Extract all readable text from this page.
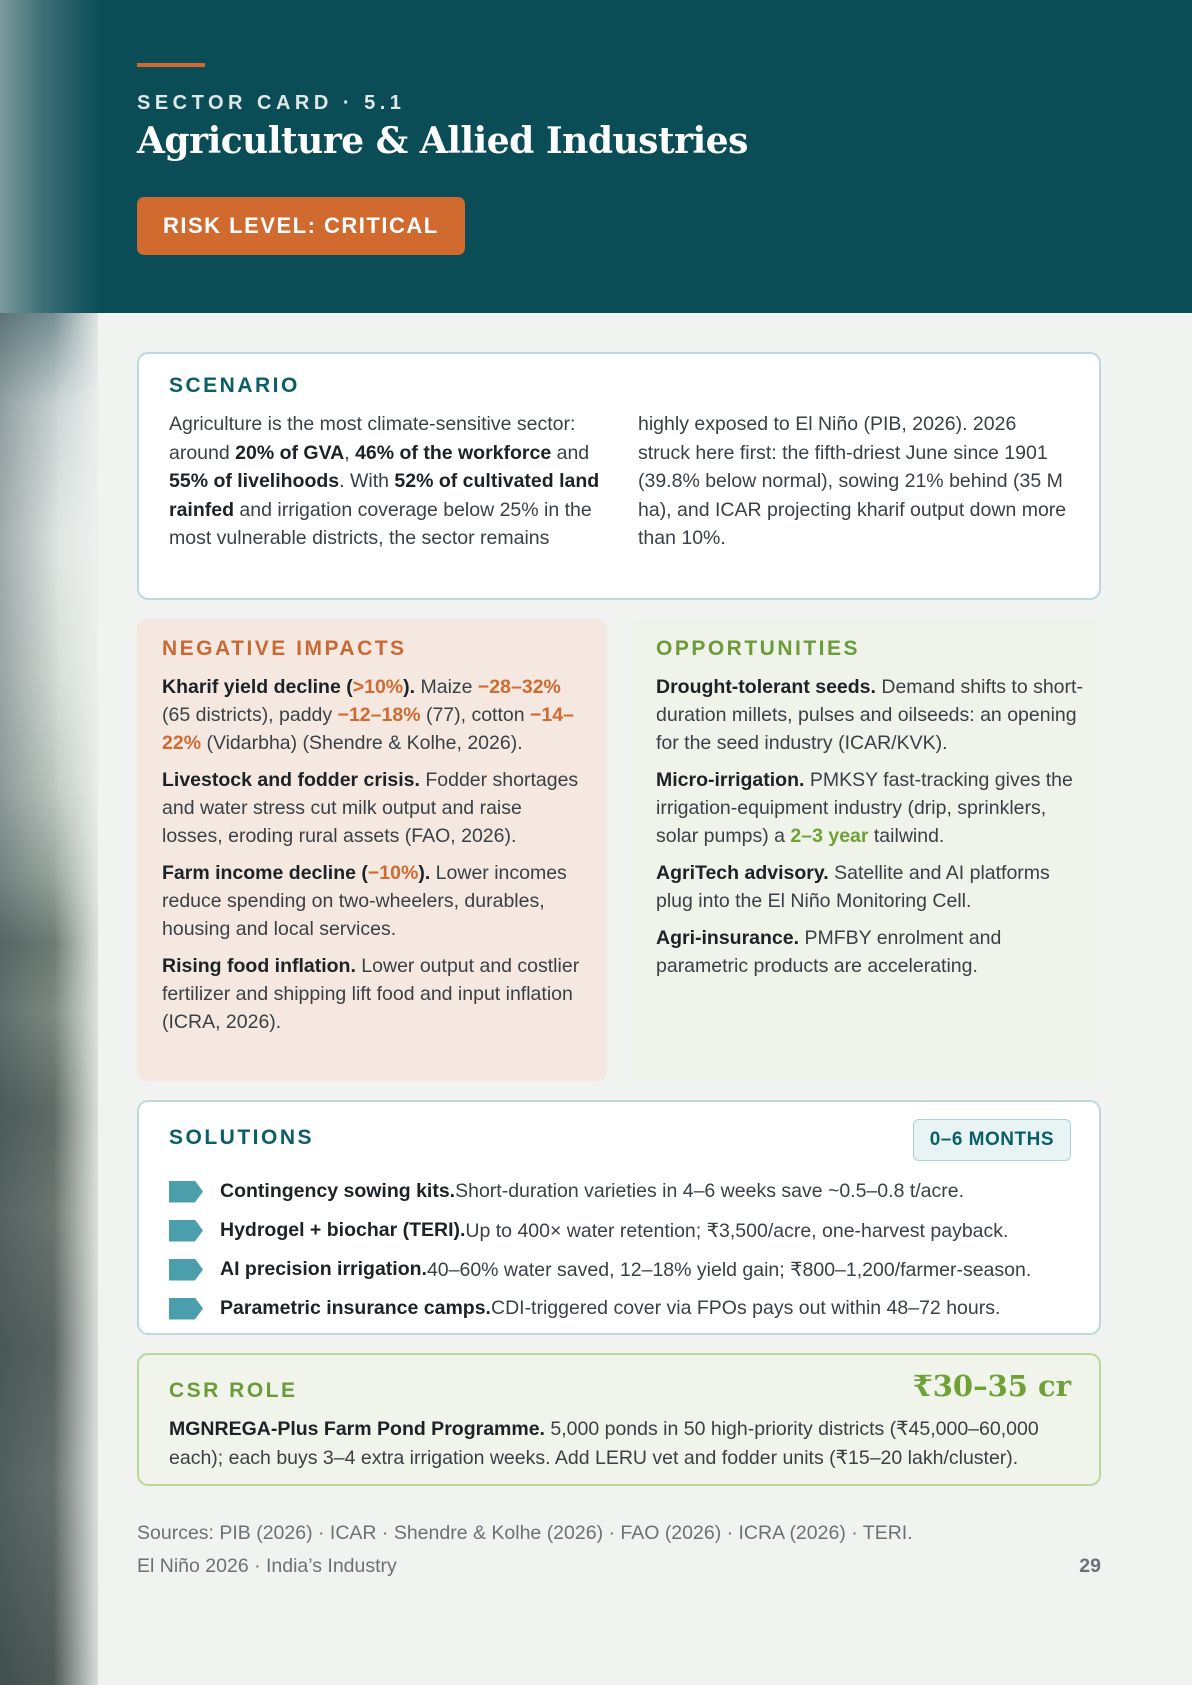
SECTOR CARD · 5.1
Agriculture & Allied Industries
RISK LEVEL: CRITICAL
SCENARIO

Agriculture is the most climate-sensitive sector: around 20% of GVA, 46% of the workforce and 55% of livelihoods. With 52% of cultivated land rainfed and irrigation coverage below 25% in the most vulnerable districts, the sector remains highly exposed to El Niño (PIB, 2026). 2026 struck here first: the fifth-driest June since 1901 (39.8% below normal), sowing 21% behind (35 M ha), and ICAR projecting kharif output down more than 10%.

NEGATIVE IMPACTS

Kharif yield decline (>10%). Maize −28–32% (65 districts), paddy −12–18% (77), cotton −14–22% (Vidarbha) (Shendre & Kolhe, 2026).

Livestock and fodder crisis. Fodder shortages and water stress cut milk output and raise losses, eroding rural assets (FAO, 2026).

Farm income decline (−10%). Lower incomes reduce spending on two-wheelers, durables, housing and local services.

Rising food inflation. Lower output and costlier fertilizer and shipping lift food and input inflation (ICRA, 2026).

OPPORTUNITIES

Drought-tolerant seeds. Demand shifts to short-duration millets, pulses and oilseeds: an opening for the seed industry (ICAR/KVK).

Micro-irrigation. PMKSY fast-tracking gives the irrigation-equipment industry (drip, sprinklers, solar pumps) a 2–3 year tailwind.

AgriTech advisory. Satellite and AI platforms plug into the El Niño Monitoring Cell.

Agri-insurance. PMFBY enrolment and parametric products are accelerating.

SOLUTIONS	0–6 MONTHS
Contingency sowing kits. Short-duration varieties in 4–6 weeks save ~0.5–0.8 t/acre.
Hydrogel + biochar (TERI). Up to 400× water retention; ₹3,500/acre, one-harvest payback.
AI precision irrigation. 40–60% water saved, 12–18% yield gain; ₹800–1,200/farmer-season.
Parametric insurance camps. CDI-triggered cover via FPOs pays out within 48–72 hours.
CSR ROLE	₹30–35 cr
MGNREGA-Plus Farm Pond Programme. 5,000 ponds in 50 high-priority districts (₹45,000–60,000 each); each buys 3–4 extra irrigation weeks. Add LERU vet and fodder units (₹15–20 lakh/cluster).
Sources: PIB (2026) · ICAR · Shendre & Kolhe (2026) · FAO (2026) · ICRA (2026) · TERI.
El Niño 2026 · India’s Industry	29
